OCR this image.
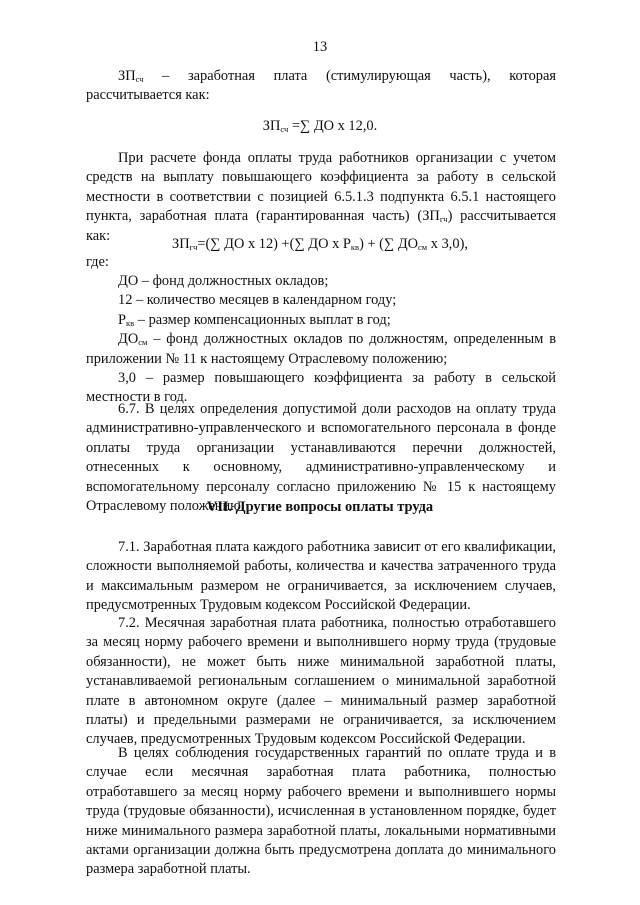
13

$ЗП_{сч}$ – заработная плата (стимулирующая часть), которая рассчитывается как:

$ЗП_{сч}$ =∑ ДО х 12,0.

При расчете фонда оплаты труда работников организации с учетом средств на выплату повышающего коэффициента за работу в сельской местности в соответствии с позицией 6.5.1.3 подпункта 6.5.1 настоящего пункта, заработная плата (гарантированная часть) $(ЗП_{гч})$ рассчитывается как:

$ЗП_{гч}=(\sum$ ДО х 12) +(∑ ДО х $Р_{кв}$) + (∑ $ДО_{см}$ х 3,0),

где:

ДО – фонд должностных окладов;

12 – количество месяцев в календарном году;

$Р_{кв}$ – размер компенсационных выплат в год;

$ДО_{см}$ – фонд должностных окладов по должностям, определенным в приложении № 11 к настоящему Отраслевому положению;

3,0 – размер повышающего коэффициента за работу в сельской местности в год.

6.7. В целях определения допустимой доли расходов на оплату труда административно-управленческого и вспомогательного персонала в фонде оплаты труда организации устанавливаются перечни должностей, отнесенных к основному, административно-управленческому и вспомогательному персоналу согласно приложению № 15 к настоящему Отраслевому положению.

VII. Другие вопросы оплаты труда

7.1. Заработная плата каждого работника зависит от его квалификации, сложности выполняемой работы, количества и качества затраченного труда и максимальным размером не ограничивается, за исключением случаев, предусмотренных Трудовым кодексом Российской Федерации.

7.2. Месячная заработная плата работника, полностью отработавшего за месяц норму рабочего времени и выполнившего норму труда (трудовые обязанности), не может быть ниже минимальной заработной платы, устанавливаемой региональным соглашением о минимальной заработной плате в автономном округе (далее – минимальный размер заработной платы) и предельными размерами не ограничивается, за исключением случаев, предусмотренных Трудовым кодексом Российской Федерации.

В целях соблюдения государственных гарантий по оплате труда и в случае если месячная заработная плата работника, полностью отработавшего за месяц норму рабочего времени и выполнившего нормы труда (трудовые обязанности), исчисленная в установленном порядке, будет ниже минимального размера заработной платы, локальными нормативными актами организации должна быть предусмотрена доплата до минимального размера заработной платы.
